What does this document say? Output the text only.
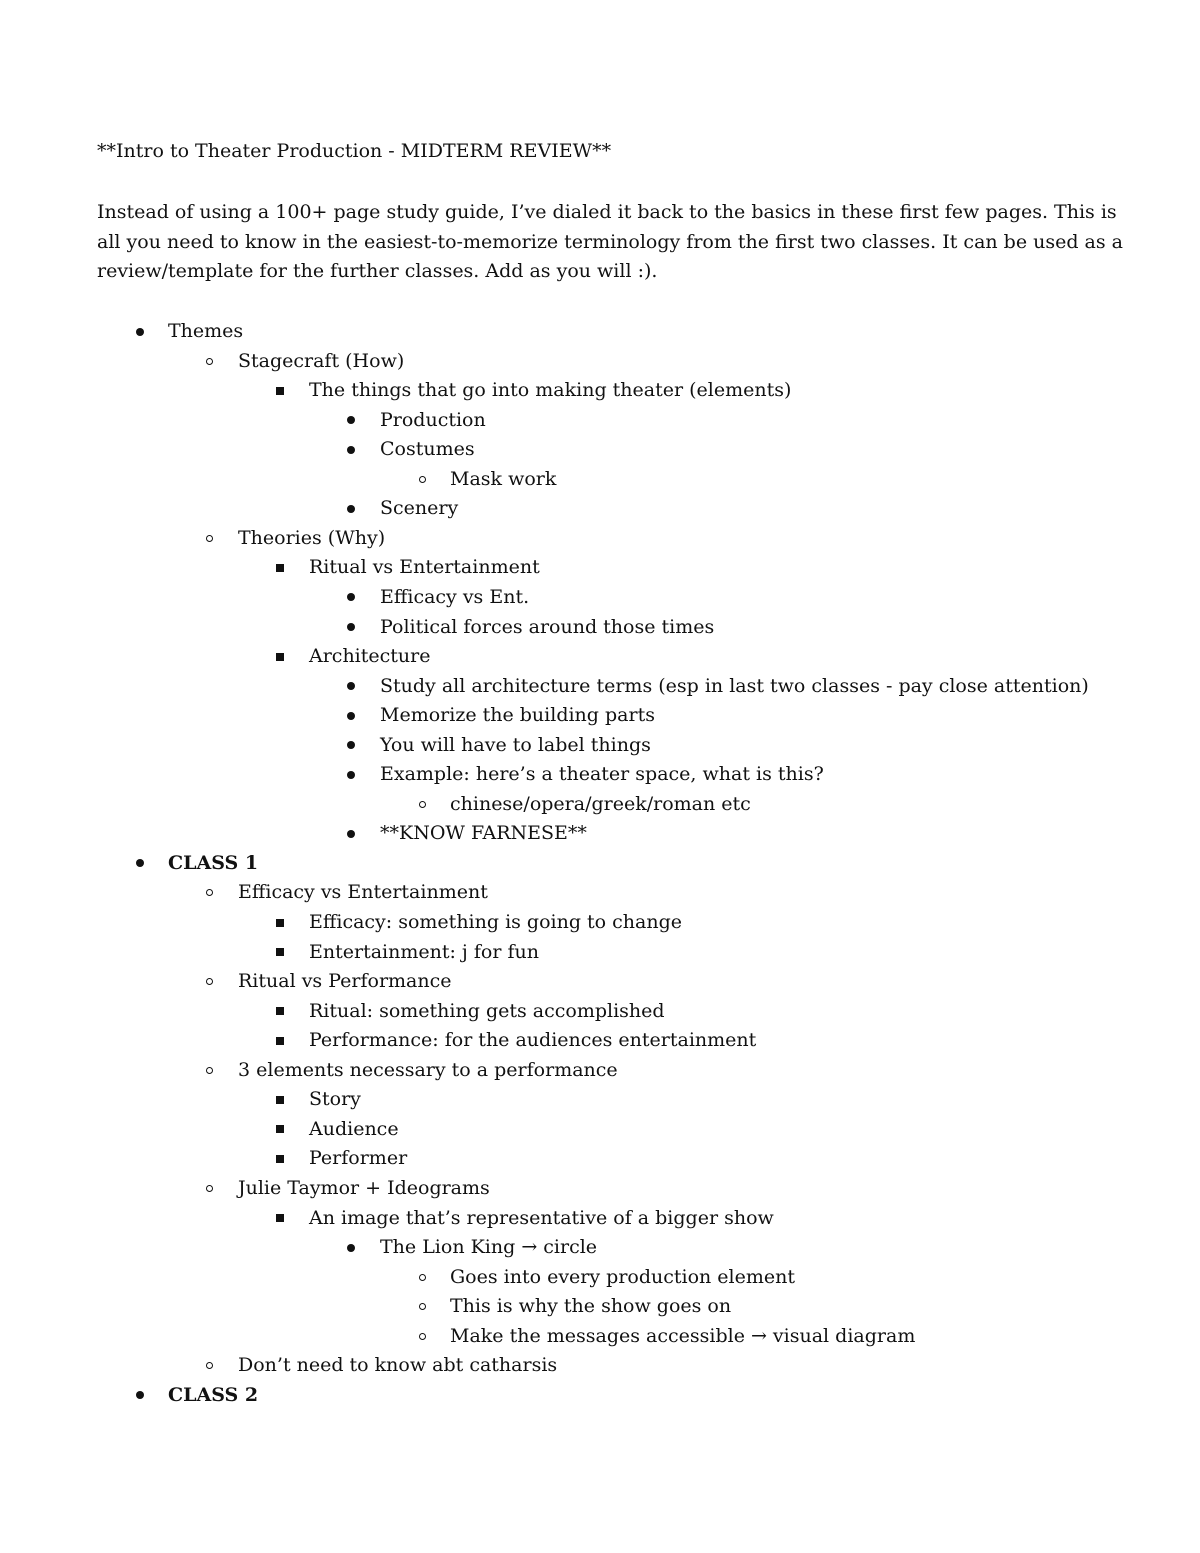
**Intro to Theater Production - MIDTERM REVIEW**
Instead of using a 100+ page study guide, I’ve dialed it back to the basics in these first few pages. This is all you need to know in the easiest-to-memorize terminology from the first two classes. It can be used as a review/template for the further classes. Add as you will :).
Themes
Stagecraft (How)
The things that go into making theater (elements)
Production
Costumes
Mask work
Scenery
Theories (Why)
Ritual vs Entertainment
Efficacy vs Ent.
Political forces around those times
Architecture
Study all architecture terms (esp in last two classes - pay close attention)
Memorize the building parts
You will have to label things
Example: here’s a theater space, what is this?
chinese/opera/greek/roman etc
**KNOW FARNESE**
CLASS 1
Efficacy vs Entertainment
Efficacy: something is going to change
Entertainment: j for fun
Ritual vs Performance
Ritual: something gets accomplished
Performance: for the audiences entertainment
3 elements necessary to a performance
Story
Audience
Performer
Julie Taymor + Ideograms
An image that’s representative of a bigger show
The Lion King → circle
Goes into every production element
This is why the show goes on
Make the messages accessible → visual diagram
Don’t need to know abt catharsis
CLASS 2
